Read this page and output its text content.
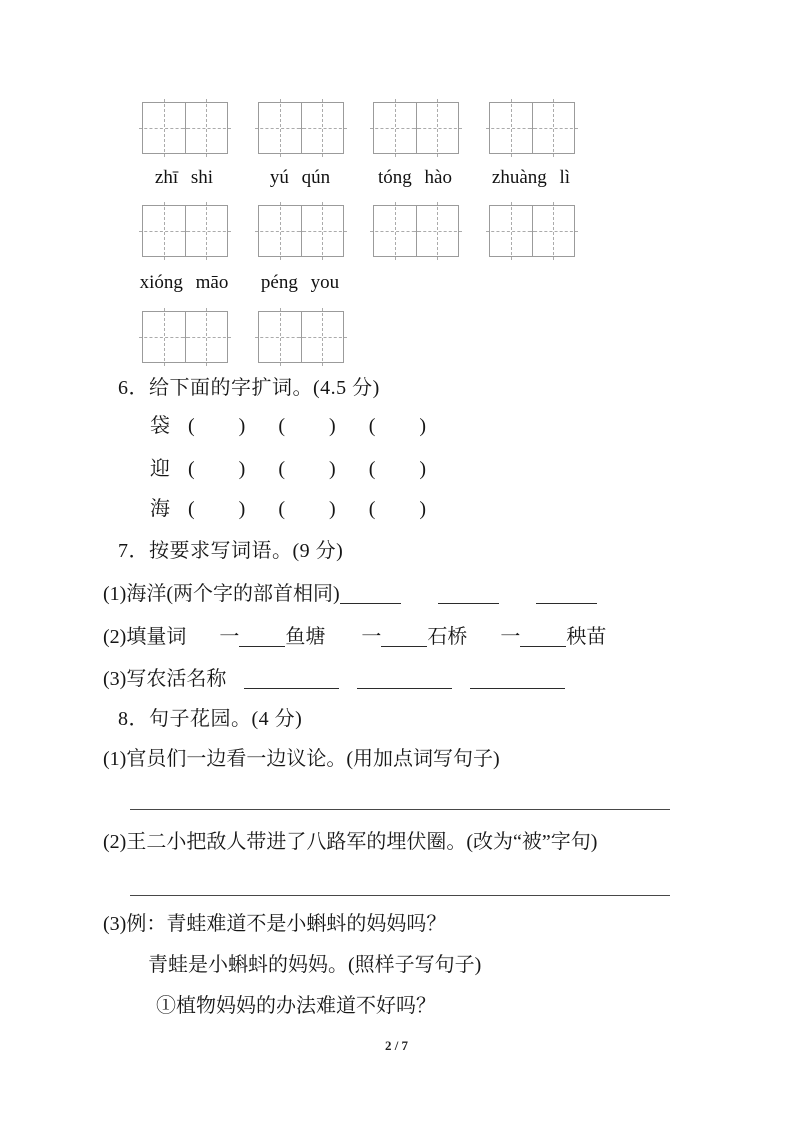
zhī shi	yú qún	tóng hào	zhuàng lì
xióng māo	péng you
6．给下面的字扩词。(4.5 分)
袋 ( ) ( ) ( )
迎 ( ) ( ) ( )
海 ( ) ( ) ( )
7．按要求写词语。(9 分)
(1)海洋(两个字的部首相同)
(2)填量词 一 鱼塘 一 石桥 一 秧苗
(3)写农活名称
8．句子花园。(4 分)
(1)官员们一边看一边议论。(用加点词写句子)
(2)王二小把敌人带进了八路军的埋伏圈。(改为“被”字句)
(3)例：青蛙难道不是小蝌蚪的妈妈吗？
青蛙是小蝌蚪的妈妈。(照样子写句子)
①植物妈妈的办法难道不好吗？
2 / 7
